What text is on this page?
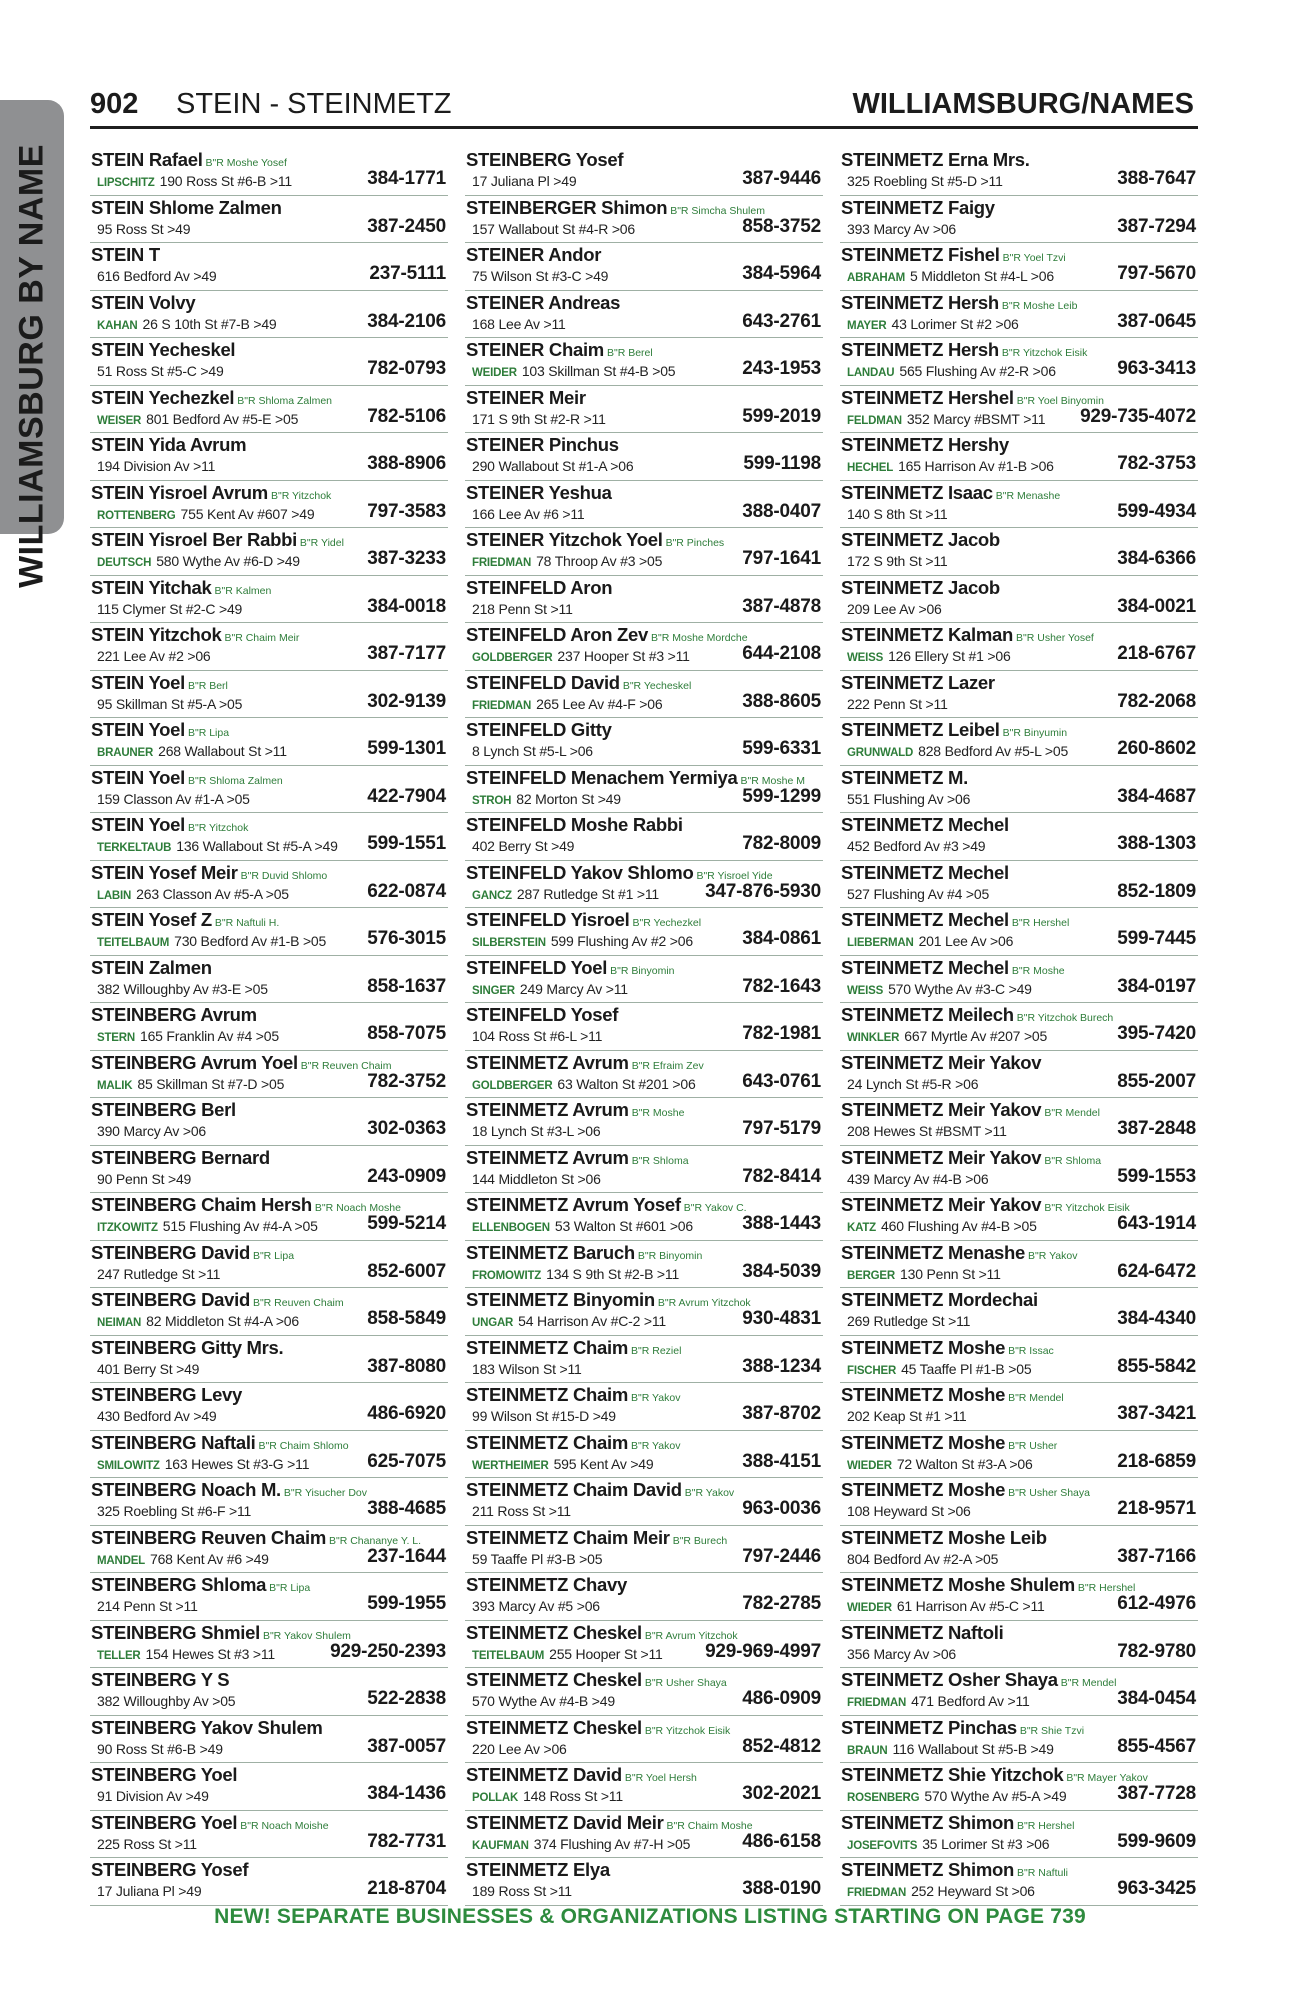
WILLIAMSBURG BY NAME
902 STEIN - STEINMETZ	WILLIAMSBURG/NAMES
STEIN Rafael B"R Moshe Yosef
LIPSCHITZ 190 Ross St #6-B >11	384-1771
STEIN Shlome Zalmen
95 Ross St >49	387-2450
STEIN T
616 Bedford Av >49	237-5111
STEIN Volvy
KAHAN 26 S 10th St #7-B >49	384-2106
STEIN Yecheskel
51 Ross St #5-C >49	782-0793
STEIN Yechezkel B"R Shloma Zalmen
WEISER 801 Bedford Av #5-E >05	782-5106
STEIN Yida Avrum
194 Division Av >11	388-8906
STEIN Yisroel Avrum B"R Yitzchok
ROTTENBERG 755 Kent Av #607 >49	797-3583
STEIN Yisroel Ber Rabbi B"R Yidel
DEUTSCH 580 Wythe Av #6-D >49	387-3233
STEIN Yitchak B"R Kalmen
115 Clymer St #2-C >49	384-0018
STEIN Yitzchok B"R Chaim Meir
221 Lee Av #2 >06	387-7177
STEIN Yoel B"R Berl
95 Skillman St #5-A >05	302-9139
STEIN Yoel B"R Lipa
BRAUNER 268 Wallabout St >11	599-1301
STEIN Yoel B"R Shloma Zalmen
159 Classon Av #1-A >05	422-7904
STEIN Yoel B"R Yitzchok
TERKELTAUB 136 Wallabout St #5-A >49 599-1551
STEIN Yosef Meir B"R Duvid Shlomo
LABIN 263 Classon Av #5-A >05	622-0874
STEIN Yosef Z B"R Naftuli H.
TEITELBAUM 730 Bedford Av #1-B >05 576-3015
STEIN Zalmen
382 Willoughby Av #3-E >05	858-1637
STEINBERG Avrum
STERN 165 Franklin Av #4 >05	858-7075
STEINBERG Avrum Yoel B"R Reuven Chaim
MALIK 85 Skillman St #7-D >05	782-3752
STEINBERG Berl
390 Marcy Av >06	302-0363
STEINBERG Bernard
90 Penn St >49	243-0909
STEINBERG Chaim Hersh B"R Noach Moshe
ITZKOWITZ 515 Flushing Av #4-A >05	599-5214
STEINBERG David B"R Lipa
247 Rutledge St >11	852-6007
STEINBERG David B"R Reuven Chaim
NEIMAN 82 Middleton St #4-A >06	858-5849
STEINBERG Gitty Mrs.
401 Berry St >49	387-8080
STEINBERG Levy
430 Bedford Av >49	486-6920
STEINBERG Naftali B"R Chaim Shlomo
SMILOWITZ 163 Hewes St #3-G >11	625-7075
STEINBERG Noach M. B"R Yisucher Dov
325 Roebling St #6-F >11	388-4685
STEINBERG Reuven Chaim B"R Chananye Y. L.
MANDEL 768 Kent Av #6 >49	237-1644
STEINBERG Shloma B"R Lipa
214 Penn St >11	599-1955
STEINBERG Shmiel B"R Yakov Shulem
TELLER 154 Hewes St #3 >11	929-250-2393
STEINBERG Y S
382 Willoughby Av >05	522-2838
STEINBERG Yakov Shulem
90 Ross St #6-B >49	387-0057
STEINBERG Yoel
91 Division Av >49	384-1436
STEINBERG Yoel B"R Noach Moishe
225 Ross St >11	782-7731
STEINBERG Yosef
17 Juliana Pl >49	218-8704
STEINBERG Yosef
17 Juliana Pl >49	387-9446
STEINBERGER Shimon B"R Simcha Shulem
157 Wallabout St #4-R >06	858-3752
STEINER Andor
75 Wilson St #3-C >49	384-5964
STEINER Andreas
168 Lee Av >11	643-2761
STEINER Chaim B"R Berel
WEIDER 103 Skillman St #4-B >05	243-1953
STEINER Meir
171 S 9th St #2-R >11	599-2019
STEINER Pinchus
290 Wallabout St #1-A >06	599-1198
STEINER Yeshua
166 Lee Av #6 >11	388-0407
STEINER Yitzchok Yoel B"R Pinches
FRIEDMAN 78 Throop Av #3 >05	797-1641
STEINFELD Aron
218 Penn St >11	387-4878
STEINFELD Aron Zev B"R Moshe Mordche
GOLDBERGER 237 Hooper St #3 >11	644-2108
STEINFELD David B"R Yecheskel
FRIEDMAN 265 Lee Av #4-F >06	388-8605
STEINFELD Gitty
8 Lynch St #5-L >06	599-6331
STEINFELD Menachem Yermiya B"R Moshe M
STROH 82 Morton St >49	599-1299
STEINFELD Moshe Rabbi
402 Berry St >49	782-8009
STEINFELD Yakov Shlomo B"R Yisroel Yide
GANCZ 287 Rutledge St #1 >11 347-876-5930
STEINFELD Yisroel B"R Yechezkel
SILBERSTEIN 599 Flushing Av #2 >06	384-0861
STEINFELD Yoel B"R Binyomin
SINGER 249 Marcy Av >11	782-1643
STEINFELD Yosef
104 Ross St #6-L >11	782-1981
STEINMETZ Avrum B"R Efraim Zev
GOLDBERGER 63 Walton St #201 >06 643-0761
STEINMETZ Avrum B"R Moshe
18 Lynch St #3-L >06	797-5179
STEINMETZ Avrum B"R Shloma
144 Middleton St >06	782-8414
STEINMETZ Avrum Yosef B"R Yakov C.
ELLENBOGEN 53 Walton St #601 >06	388-1443
STEINMETZ Baruch B"R Binyomin
FROMOWITZ 134 S 9th St #2-B >11	384-5039
STEINMETZ Binyomin B"R Avrum Yitzchok
UNGAR 54 Harrison Av #C-2 >11	930-4831
STEINMETZ Chaim B"R Reziel
183 Wilson St >11	388-1234
STEINMETZ Chaim B"R Yakov
99 Wilson St #15-D >49	387-8702
STEINMETZ Chaim B"R Yakov
WERTHEIMER 595 Kent Av >49	388-4151
STEINMETZ Chaim David B"R Yakov
211 Ross St >11	963-0036
STEINMETZ Chaim Meir B"R Burech
59 Taaffe Pl #3-B >05	797-2446
STEINMETZ Chavy
393 Marcy Av #5 >06	782-2785
STEINMETZ Cheskel B"R Avrum Yitzchok
TEITELBAUM 255 Hooper St >11 929-969-4997
STEINMETZ Cheskel B"R Usher Shaya
570 Wythe Av #4-B >49	486-0909
STEINMETZ Cheskel B"R Yitzchok Eisik
220 Lee Av >06	852-4812
STEINMETZ David B"R Yoel Hersh
POLLAK 148 Ross St >11	302-2021
STEINMETZ David Meir B"R Chaim Moshe
KAUFMAN 374 Flushing Av #7-H >05	486-6158
STEINMETZ Elya
189 Ross St >11	388-0190
STEINMETZ Erna Mrs.
325 Roebling St #5-D >11	388-7647
STEINMETZ Faigy
393 Marcy Av >06	387-7294
STEINMETZ Fishel B"R Yoel Tzvi
ABRAHAM 5 Middleton St #4-L >06	797-5670
STEINMETZ Hersh B"R Moshe Leib
MAYER 43 Lorimer St #2 >06	387-0645
STEINMETZ Hersh B"R Yitzchok Eisik
LANDAU 565 Flushing Av #2-R >06	963-3413
STEINMETZ Hershel B"R Yoel Binyomin
FELDMAN 352 Marcy #BSMT >11 929-735-4072
STEINMETZ Hershy
HECHEL 165 Harrison Av #1-B >06	782-3753
STEINMETZ Isaac B"R Menashe
140 S 8th St >11	599-4934
STEINMETZ Jacob
172 S 9th St >11	384-6366
STEINMETZ Jacob
209 Lee Av >06	384-0021
STEINMETZ Kalman B"R Usher Yosef
WEISS 126 Ellery St #1 >06	218-6767
STEINMETZ Lazer
222 Penn St >11	782-2068
STEINMETZ Leibel B"R Binyumin
GRUNWALD 828 Bedford Av #5-L >05	260-8602
STEINMETZ M.
551 Flushing Av >06	384-4687
STEINMETZ Mechel
452 Bedford Av #3 >49	388-1303
STEINMETZ Mechel
527 Flushing Av #4 >05	852-1809
STEINMETZ Mechel B"R Hershel
LIEBERMAN 201 Lee Av >06	599-7445
STEINMETZ Mechel B"R Moshe
WEISS 570 Wythe Av #3-C >49	384-0197
STEINMETZ Meilech B"R Yitzchok Burech
WINKLER 667 Myrtle Av #207 >05	395-7420
STEINMETZ Meir Yakov
24 Lynch St #5-R >06	855-2007
STEINMETZ Meir Yakov B"R Mendel
208 Hewes St #BSMT >11	387-2848
STEINMETZ Meir Yakov B"R Shloma
439 Marcy Av #4-B >06	599-1553
STEINMETZ Meir Yakov B"R Yitzchok Eisik
KATZ 460 Flushing Av #4-B >05	643-1914
STEINMETZ Menashe B"R Yakov
BERGER 130 Penn St >11	624-6472
STEINMETZ Mordechai
269 Rutledge St >11	384-4340
STEINMETZ Moshe B"R Issac
FISCHER 45 Taaffe Pl #1-B >05	855-5842
STEINMETZ Moshe B"R Mendel
202 Keap St #1 >11	387-3421
STEINMETZ Moshe B"R Usher
WIEDER 72 Walton St #3-A >06	218-6859
STEINMETZ Moshe B"R Usher Shaya
108 Heyward St >06	218-9571
STEINMETZ Moshe Leib
804 Bedford Av #2-A >05	387-7166
STEINMETZ Moshe Shulem B"R Hershel
WIEDER 61 Harrison Av #5-C >11	612-4976
STEINMETZ Naftoli
356 Marcy Av >06	782-9780
STEINMETZ Osher Shaya B"R Mendel
FRIEDMAN 471 Bedford Av >11	384-0454
STEINMETZ Pinchas B"R Shie Tzvi
BRAUN 116 Wallabout St #5-B >49	855-4567
STEINMETZ Shie Yitzchok B"R Mayer Yakov
ROSENBERG 570 Wythe Av #5-A >49	387-7728
STEINMETZ Shimon B"R Hershel
JOSEFOVITS 35 Lorimer St #3 >06	599-9609
STEINMETZ Shimon B"R Naftuli
FRIEDMAN 252 Heyward St >06	963-3425
NEW! SEPARATE BUSINESSES & ORGANIZATIONS LISTING STARTING ON PAGE 739
